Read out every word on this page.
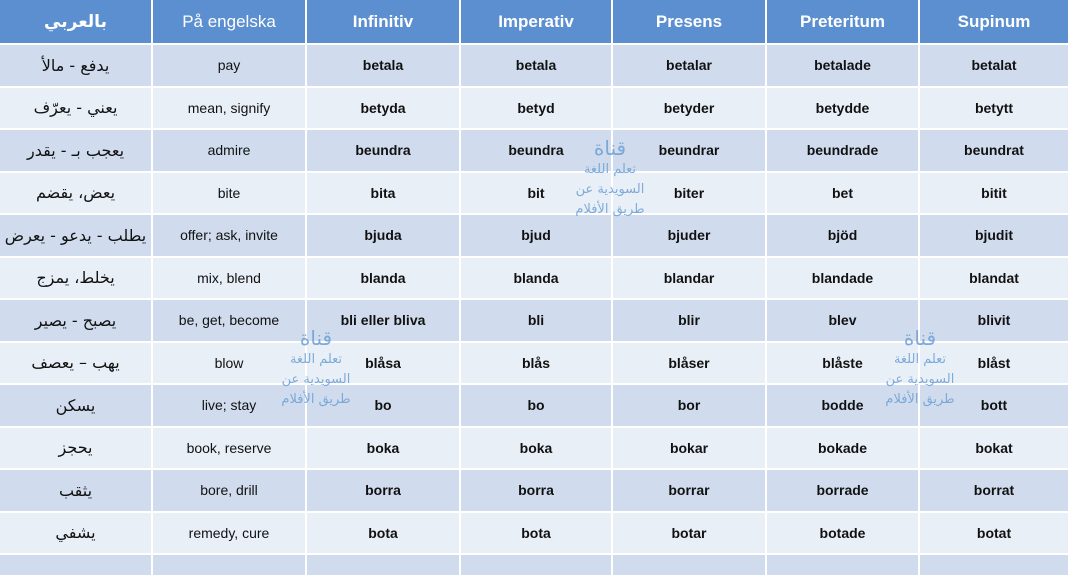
بالعربي	På engelska	Infinitiv	Imperativ	Presens	Preteritum	Supinum
يدفع - مالأ	pay	betala	betala	betalar	betalade	betalat
يعني - يعرّف	mean, signify	betyda	betyd	betyder	betydde	betytt
يعجب بـ - يقدر	admire	beundra	beundra	beundrar	beundrade	beundrat
يعض، يقضم	bite	bita	bit	biter	bet	bitit
يطلب - يدعو - يعرض	offer; ask, invite	bjuda	bjud	bjuder	bjöd	bjudit
يخلط، يمزج	mix, blend	blanda	blanda	blandar	blandade	blandat
يصبح - يصير	be, get, become	bli eller bliva	bli	blir	blev	blivit
يهب – يعصف	blow	blåsa	blås	blåser	blåste	blåst
يسكن	live; stay	bo	bo	bor	bodde	bott
يحجز	book, reserve	boka	boka	bokar	bokade	bokat
يثقب	bore, drill	borra	borra	borrar	borrade	borrat
يشفي	remedy, cure	bota	bota	botar	botade	botat

قناة
تعلم اللغة
السويدية عن
طريق الأفلام
قناة
تعلم اللغة
السويدية عن
طريق الأفلام
قناة
تعلم اللغة
السويدية عن
طريق الأفلام
